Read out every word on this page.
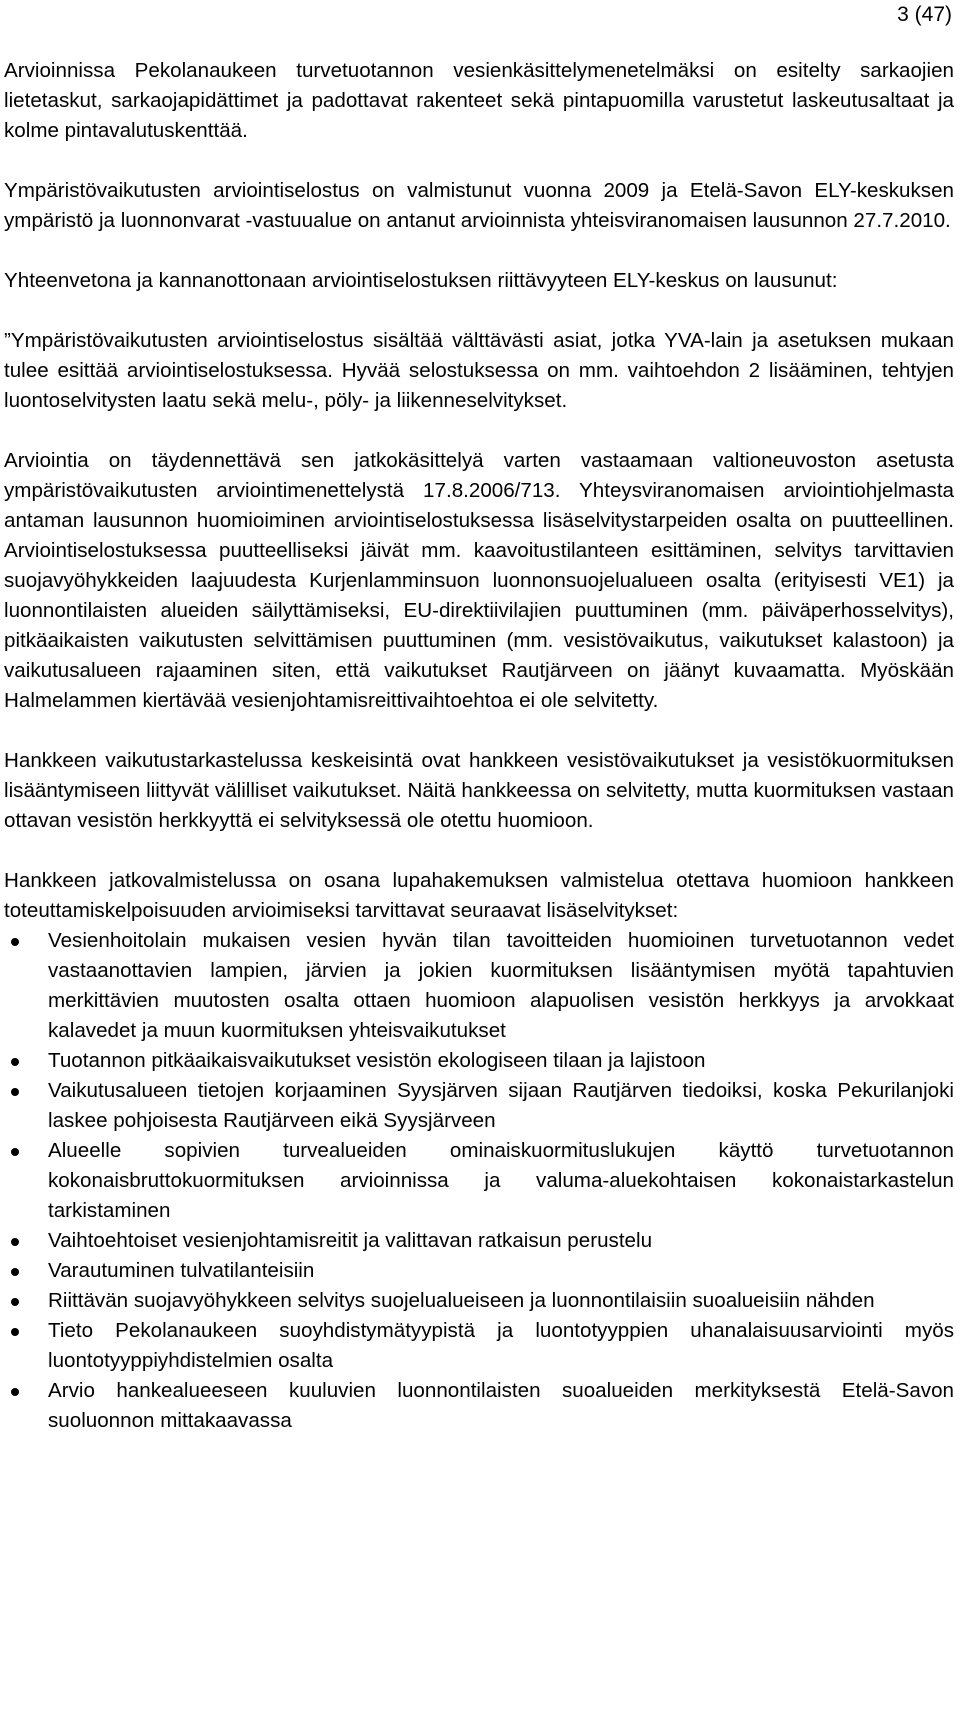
3 (47)

Arvioinnissa Pekolanaukeen turvetuotannon vesienkäsittelymenetelmäksi on esitelty sarkaojien lietetaskut, sarkaojapidättimet ja padottavat rakenteet sekä pintapuomilla varustetut laskeutusaltaat ja kolme pintavalutuskenttää.

Ympäristövaikutusten arviointiselostus on valmistunut vuonna 2009 ja Etelä-Savon ELY-keskuksen ympäristö ja luonnonvarat -vastuualue on antanut arvioinnista yhteisviranomaisen lausunnon 27.7.2010.

Yhteenvetona ja kannanottonaan arviointiselostuksen riittävyyteen ELY-keskus on lausunut:

”Ympäristövaikutusten arviointiselostus sisältää välttävästi asiat, jotka YVA-lain ja asetuksen mukaan tulee esittää arviointiselostuksessa. Hyvää selostuksessa on mm. vaihtoehdon 2 lisääminen, tehtyjen luontoselvitysten laatu sekä melu-, pöly- ja liikenneselvitykset.

Arviointia on täydennettävä sen jatkokäsittelyä varten vastaamaan valtioneuvoston asetusta ympäristövaikutusten arviointimenettelystä 17.8.2006/713. Yhteysviranomaisen arviointiohjelmasta antaman lausunnon huomioiminen arviointiselostuksessa lisäselvitystarpeiden osalta on puutteellinen. Arviointiselostuksessa puutteelliseksi jäivät mm. kaavoitustilanteen esittäminen, selvitys tarvittavien suojavyöhykkeiden laajuudesta Kurjenlamminsuon luonnonsuojelualueen osalta (erityisesti VE1) ja luonnontilaisten alueiden säilyttämiseksi, EU-direktiivilajien puuttuminen (mm. päiväperhosselvitys), pitkäaikaisten vaikutusten selvittämisen puuttuminen (mm. vesistövaikutus, vaikutukset kalastoon) ja vaikutusalueen rajaaminen siten, että vaikutukset Rautjärveen on jäänyt kuvaamatta. Myöskään Halmelammen kiertävää vesienjohtamisreittivaihtoehtoa ei ole selvitetty.

Hankkeen vaikutustarkastelussa keskeisintä ovat hankkeen vesistövaikutukset ja vesistökuormituksen lisääntymiseen liittyvät välilliset vaikutukset. Näitä hankkeessa on selvitetty, mutta kuormituksen vastaan ottavan vesistön herkkyyttä ei selvityksessä ole otettu huomioon.

Hankkeen jatkovalmistelussa on osana lupahakemuksen valmistelua otettava huomioon hankkeen toteuttamiskelpoisuuden arvioimiseksi tarvittavat seuraavat lisäselvitykset:

Vesienhoitolain mukaisen vesien hyvän tilan tavoitteiden huomioinen turvetuotannon vedet vastaanottavien lampien, järvien ja jokien kuormituksen lisääntymisen myötä tapahtuvien merkittävien muutosten osalta ottaen huomioon alapuolisen vesistön herkkyys ja arvokkaat kalavedet ja muun kuormituksen yhteisvaikutukset
Tuotannon pitkäaikaisvaikutukset vesistön ekologiseen tilaan ja lajistoon
Vaikutusalueen tietojen korjaaminen Syysjärven sijaan Rautjärven tiedoiksi, koska Pekurilanjoki laskee pohjoisesta Rautjärveen eikä Syysjärveen
Alueelle sopivien turvealueiden ominaiskuormituslukujen käyttö turvetuotannon kokonaisbruttokuormituksen arvioinnissa ja valuma-aluekohtaisen kokonaistarkastelun tarkistaminen
Vaihtoehtoiset vesienjohtamisreitit ja valittavan ratkaisun perustelu
Varautuminen tulvatilanteisiin
Riittävän suojavyöhykkeen selvitys suojelualueiseen ja luonnontilaisiin suoalueisiin nähden
Tieto Pekolanaukeen suoyhdistymätyypistä ja luontotyyppien uhanalaisuusarviointi myös luontotyyppiyhdistelmien osalta
Arvio hankealueeseen kuuluvien luonnontilaisten suoalueiden merkityksestä Etelä-Savon suoluonnon mittakaavassa
